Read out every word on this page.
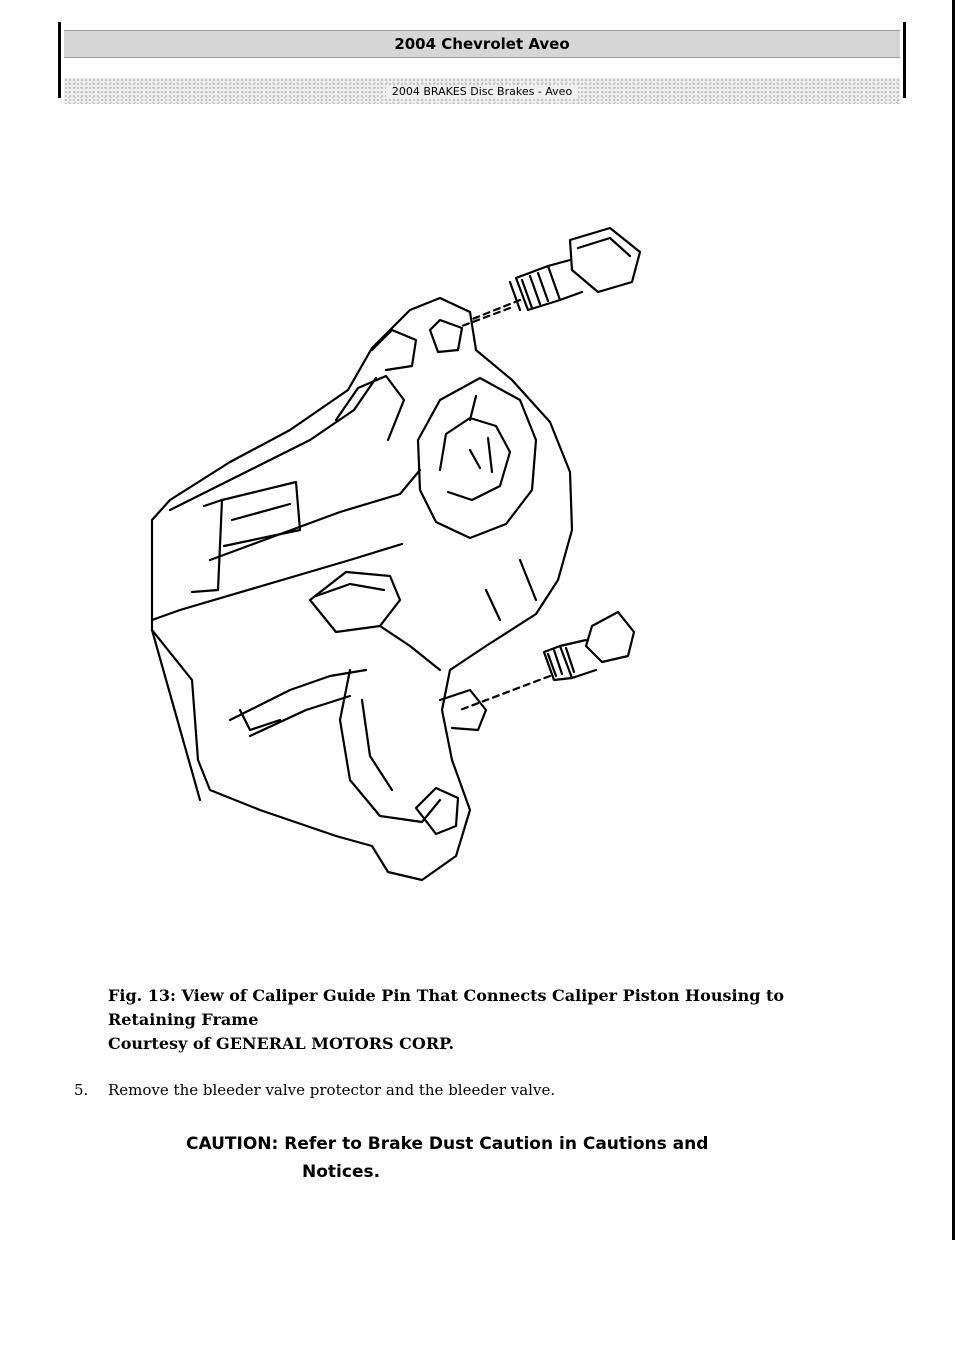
2004 Chevrolet Aveo
2004 BRAKES Disc Brakes - Aveo
Fig. 13: View of Caliper Guide Pin That Connects Caliper Piston Housing to
Retaining Frame
Courtesy of GENERAL MOTORS CORP.
5. Remove the bleeder valve protector and the bleeder valve.
CAUTION: Refer to Brake Dust Caution in Cautions and
Notices.
